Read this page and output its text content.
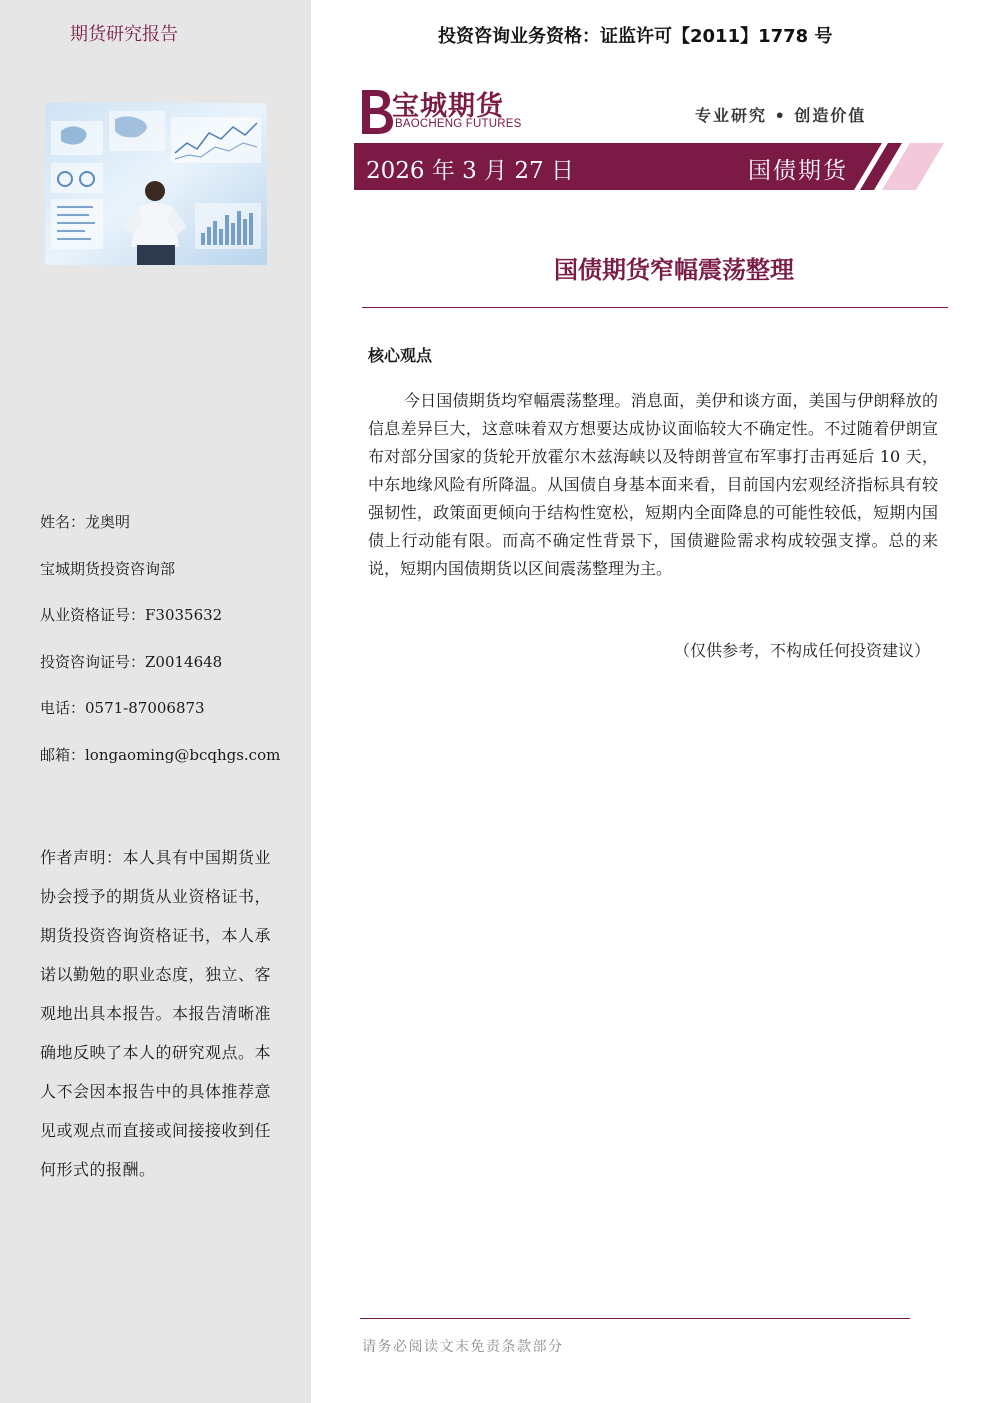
期货研究报告
姓名：龙奥明
宝城期货投资咨询部
从业资格证号：F3035632
投资咨询证号：Z0014648
电话：0571-87006873
邮箱：longaoming@bcqhgs.com
作者声明：本人具有中国期货业协会授予的期货从业资格证书，期货投资咨询资格证书，本人承诺以勤勉的职业态度，独立、客观地出具本报告。本报告清晰准确地反映了本人的研究观点。本人不会因本报告中的具体推荐意见或观点而直接或间接接收到任何形式的报酬。
投资咨询业务资格：证监许可【2011】1778 号
宝城期货
BAOCHENG FUTURES	专业研究 • 创造价值
2026 年 3 月 27 日	国债期货
国债期货窄幅震荡整理
核心观点
今日国债期货均窄幅震荡整理。消息面，美伊和谈方面，美国与伊朗释放的信息差异巨大，这意味着双方想要达成协议面临较大不确定性。不过随着伊朗宣布对部分国家的货轮开放霍尔木兹海峡以及特朗普宣布军事打击再延后 10 天，中东地缘风险有所降温。从国债自身基本面来看，目前国内宏观经济指标具有较强韧性，政策面更倾向于结构性宽松，短期内全面降息的可能性较低，短期内国债上行动能有限。而高不确定性背景下，国债避险需求构成较强支撑。总的来说，短期内国债期货以区间震荡整理为主。
（仅供参考，不构成任何投资建议）
请务必阅读文末免责条款部分
